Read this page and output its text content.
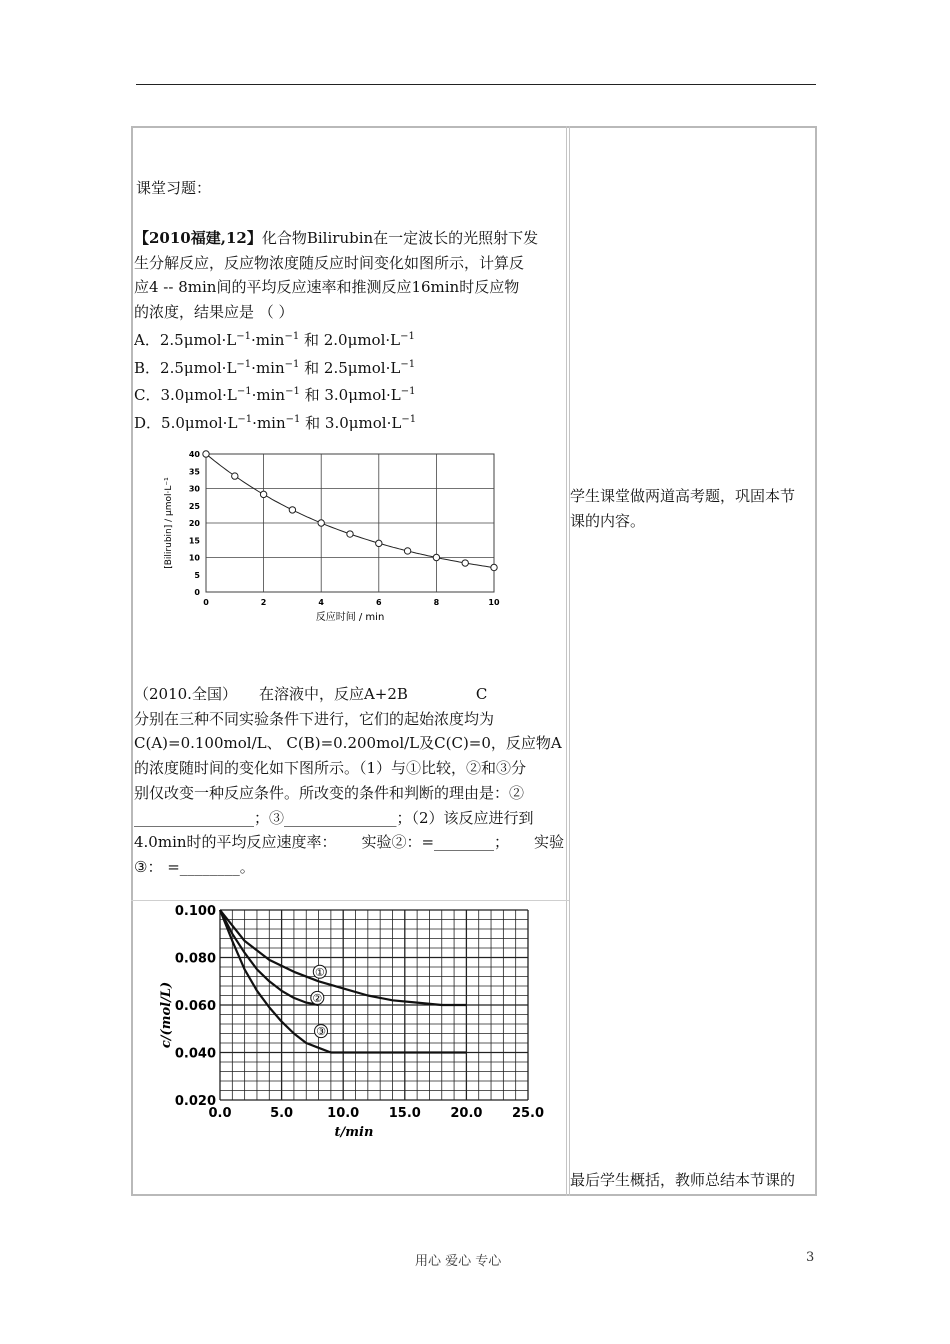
课堂习题：
【2010福建,12】化合物Bilirubin在一定波长的光照射下发
生分解反应，反应物浓度随反应时间变化如图所示，计算反
应4 -- 8min间的平均反应速率和推测反应16min时反应物
的浓度，结果应是 （ ）
A．$2.5\mu mol\cdot L^{-1}\cdot\min^{-1}$ 和 $2.0\mu mol\cdot L^{-1}$
B．$2.5\mu mol\cdot L^{-1}\cdot\min^{-1}$ 和 $2.5\mu mol\cdot L^{-1}$
C．$3.0\mu mol\cdot L^{-1}\cdot\min^{-1}$ 和 $3.0\mu mol\cdot L^{-1}$
D．$5.0\mu mol\cdot L^{-1}\cdot\min^{-1}$ 和 $3.0\mu mol\cdot L^{-1}$
0	2	4	6	8	10
0
5
10
15
20
25
30
35
40
反应时间 / min
[Bilirubin] / μmol·L⁻¹
（2010.全国） 在溶液中，反应A+2B	C
分别在三种不同实验条件下进行，它们的起始浓度均为
C(A)=0.100mol/L、 C(B)=0.200mol/L及C(C)=0，反应物A
的浓度随时间的变化如下图所示。（1）与①比较，②和③分
别仅改变一种反应条件。所改变的条件和判断的理由是：②
________________；③_______________；（2）该反应进行到
4.0min时的平均反应速度率： 实验②：=________； 实验
③： =________。
0.0	5.0	10.0 15.0 20.0 25.0
0.020
0.040
0.060
0.080
0.100
①
②
③
t/min
c/(mol/L)
学生课堂做两道高考题，巩固本节
课的内容。
最后学生概括，教师总结本节课的
用心 爱心 专心	3
